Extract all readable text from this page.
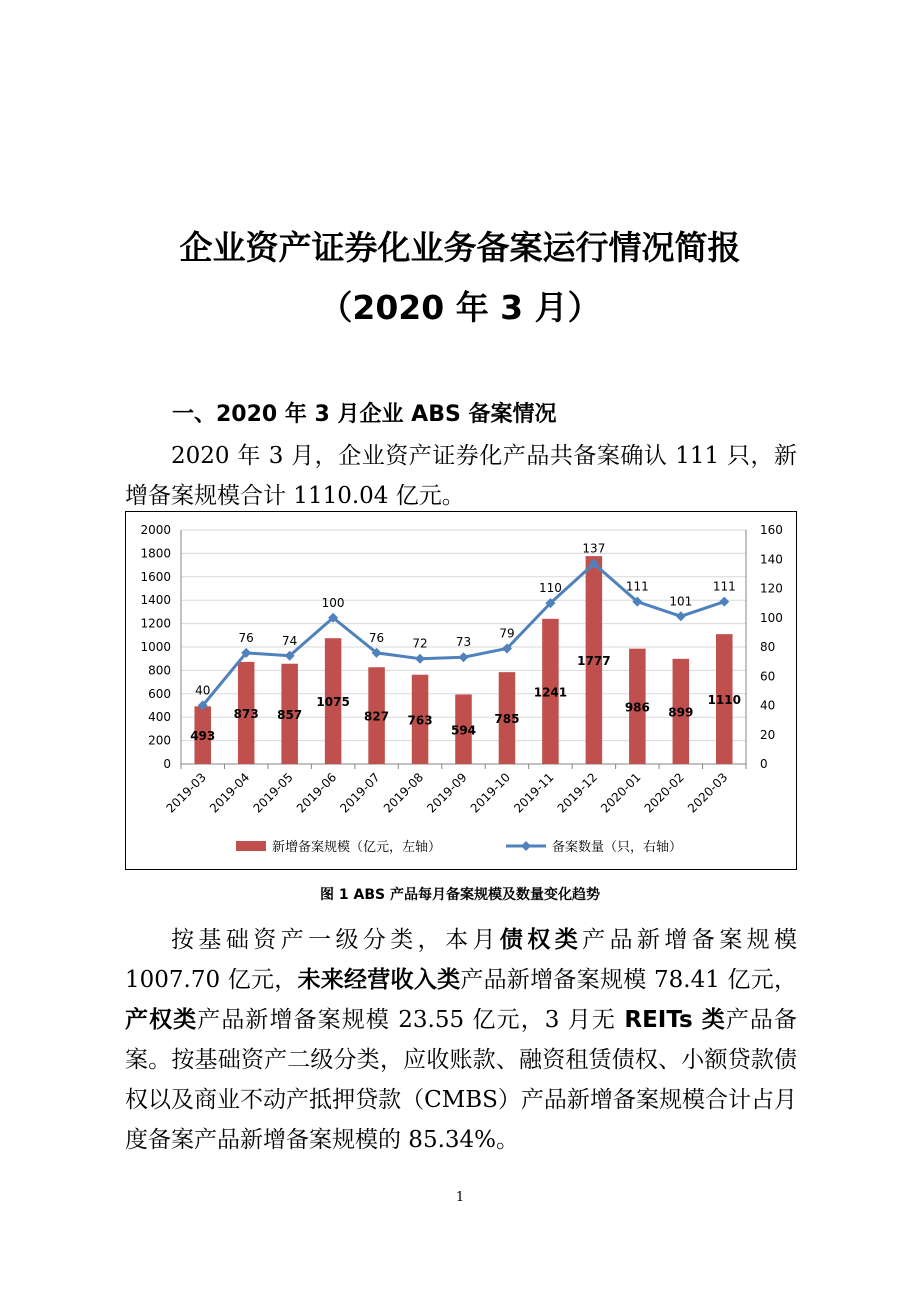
企业资产证券化业务备案运行情况简报
（2020 年 3 月）
一、2020 年 3 月企业 ABS 备案情况
2020 年 3 月，企业资产证券化产品共备案确认 111 只，新增备案规模合计 1110.04 亿元。
0
200
400
600
800
1000
1200
1400
1600
1800
2000
0
20
40
60
80
100
120
140
160
493
873 857
1075
827 763
594
785
1241
1777
986 899
1110
40
76 74
100
76 72 73
79
110
137
111
101
111
2019-03
2019-04
2019-05
2019-06
2019-07
2019-08
2019-09
2019-10
2019-11
2019-12
2020-01
2020-02
2020-03
新增备案规模（亿元，左轴）	备案数量（只，右轴）
图 1 ABS 产品每月备案规模及数量变化趋势
按基础资产一级分类，本月债权类产品新增备案规模 1007.70 亿元，未来经营收入类产品新增备案规模 78.41 亿元，产权类产品新增备案规模 23.55 亿元，3 月无 REITs 类产品备案。按基础资产二级分类，应收账款、融资租赁债权、小额贷款债权以及商业不动产抵押贷款（CMBS）产品新增备案规模合计占月度备案产品新增备案规模的 85.34%。
1
